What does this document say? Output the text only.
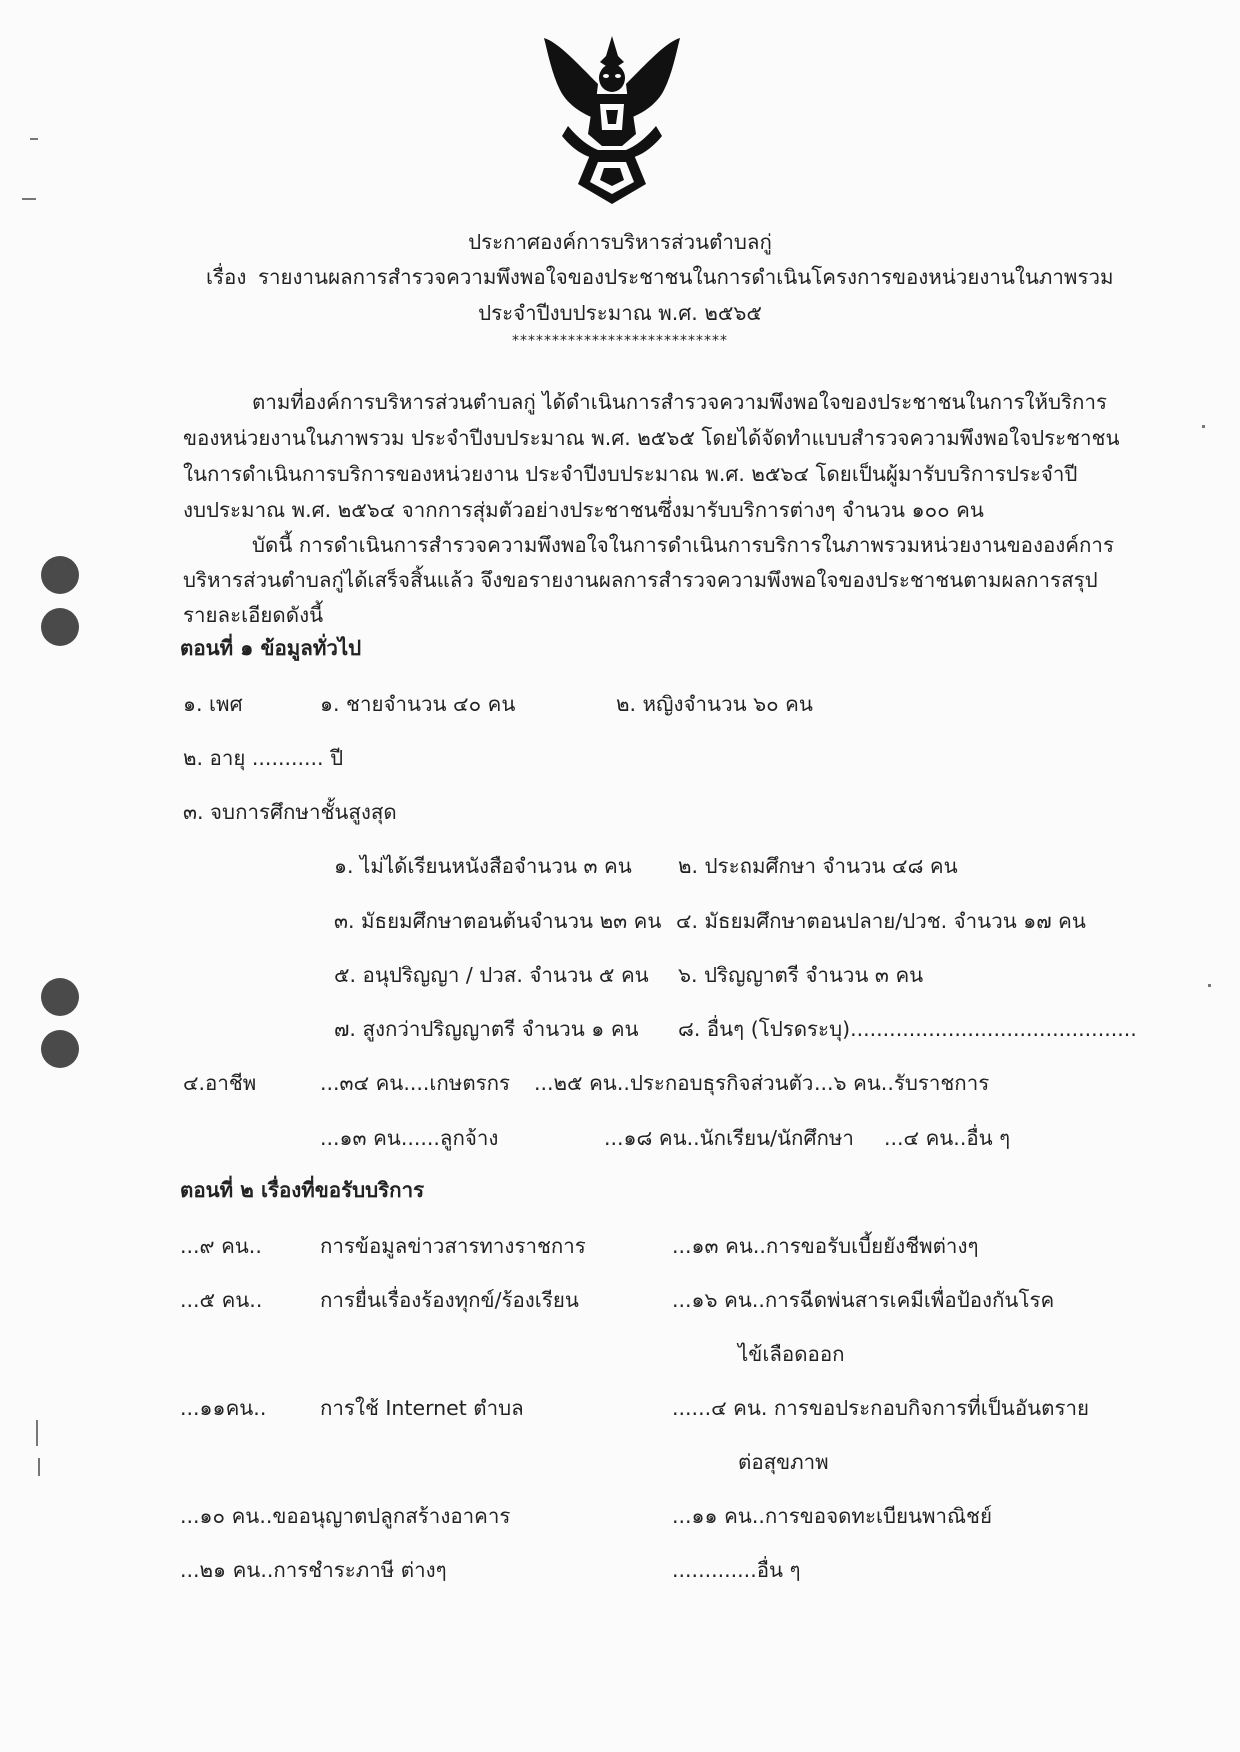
ประกาศองค์การบริหารส่วนตำบลกู่
เรื่อง รายงานผลการสำรวจความพึงพอใจของประชาชนในการดำเนินโครงการของหน่วยงานในภาพรวม
ประจำปีงบประมาณ พ.ศ. ๒๕๖๕
***************************
ตามที่องค์การบริหารส่วนตำบลกู่ ได้ดำเนินการสำรวจความพึงพอใจของประชาชนในการให้บริการ
ของหน่วยงานในภาพรวม ประจำปีงบประมาณ พ.ศ. ๒๕๖๕ โดยได้จัดทำแบบสำรวจความพึงพอใจประชาชน
ในการดำเนินการบริการของหน่วยงาน ประจำปีงบประมาณ พ.ศ. ๒๕๖๔ โดยเป็นผู้มารับบริการประจำปี
งบประมาณ พ.ศ. ๒๕๖๔ จากการสุ่มตัวอย่างประชาชนซึ่งมารับบริการต่างๆ จำนวน ๑๐๐ คน
บัดนี้ การดำเนินการสำรวจความพึงพอใจในการดำเนินการบริการในภาพรวมหน่วยงานขององค์การ
บริหารส่วนตำบลกู่ได้เสร็จสิ้นแล้ว จึงขอรายงานผลการสำรวจความพึงพอใจของประชาชนตามผลการสรุป
รายละเอียดดังนี้
ตอนที่ ๑ ข้อมูลทั่วไป
๑. เพศ	๑. ชายจำนวน ๔๐ คน	๒. หญิงจำนวน ๖๐ คน
๒. อายุ ........... ปี
๓. จบการศึกษาชั้นสูงสุด
๑. ไม่ได้เรียนหนังสือจำนวน ๓ คน ๒. ประถมศึกษา จำนวน ๔๘ คน
๓. มัธยมศึกษาตอนต้นจำนวน ๒๓ คน ๔. มัธยมศึกษาตอนปลาย/ปวช. จำนวน ๑๗ คน
๕. อนุปริญญา / ปวส. จำนวน ๕ คน ๖. ปริญญาตรี จำนวน ๓ คน
๗. สูงกว่าปริญญาตรี จำนวน ๑ คน ๘. อื่นๆ (โปรดระบุ)............................................
๔.อาชีพ	...๓๔ คน....เกษตรกร ...๒๕ คน..ประกอบธุรกิจส่วนตัว ...๖ คน..รับราชการ
...๑๓ คน......ลูกจ้าง	...๑๘ คน..นักเรียน/นักศึกษา ...๔ คน..อื่น ๆ
ตอนที่ ๒ เรื่องที่ขอรับบริการ
...๙ คน..	การข้อมูลข่าวสารทางราชการ	...๑๓ คน..การขอรับเบี้ยยังชีพต่างๆ
...๕ คน..	การยื่นเรื่องร้องทุกข์/ร้องเรียน	...๑๖ คน..การฉีดพ่นสารเคมีเพื่อป้องกันโรค
ไข้เลือดออก
...๑๑คน..	การใช้ Internet ตำบล	......๔ คน. การขอประกอบกิจการที่เป็นอันตราย
ต่อสุขภาพ
...๑๐ คน..ขออนุญาตปลูกสร้างอาคาร	...๑๑ คน..การขอจดทะเบียนพาณิชย์
...๒๑ คน..การชำระภาษี ต่างๆ	.............อื่น ๆ
